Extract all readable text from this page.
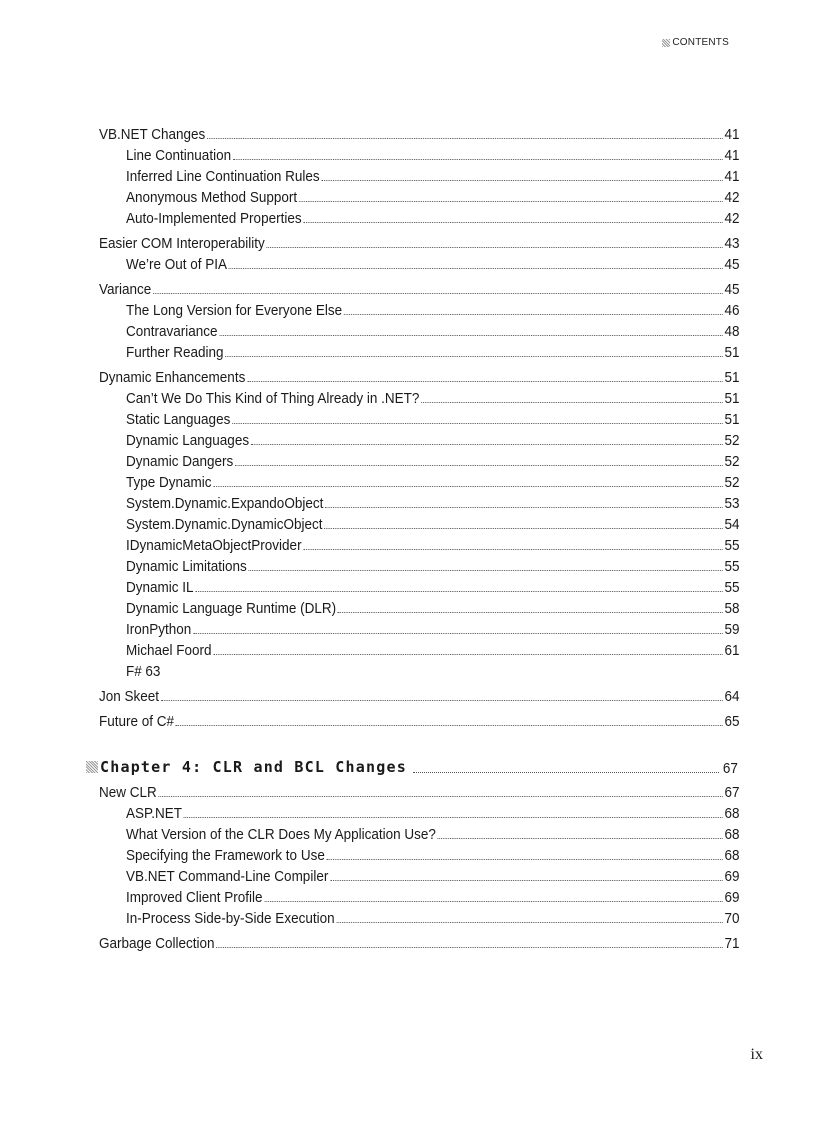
CONTENTS
VB.NET Changes	41
Line Continuation	41
Inferred Line Continuation Rules	41
Anonymous Method Support	42
Auto-Implemented Properties	42
Easier COM Interoperability	43
We’re Out of PIA	45
Variance	45
The Long Version for Everyone Else	46
Contravariance	48
Further Reading	51
Dynamic Enhancements	51
Can’t We Do This Kind of Thing Already in .NET?	51
Static Languages	51
Dynamic Languages	52
Dynamic Dangers	52
Type Dynamic	52
System.Dynamic.ExpandoObject	53
System.Dynamic.DynamicObject	54
IDynamicMetaObjectProvider	55
Dynamic Limitations	55
Dynamic IL	55
Dynamic Language Runtime (DLR)	58
IronPython	59
Michael Foord	61
F# 63
Jon Skeet	64
Future of C#	65
Chapter 4: CLR and BCL Changes	67
New CLR	67
ASP.NET	68
What Version of the CLR Does My Application Use?	68
Specifying the Framework to Use	68
VB.NET Command-Line Compiler	69
Improved Client Profile	69
In-Process Side-by-Side Execution	70
Garbage Collection	71
ix
